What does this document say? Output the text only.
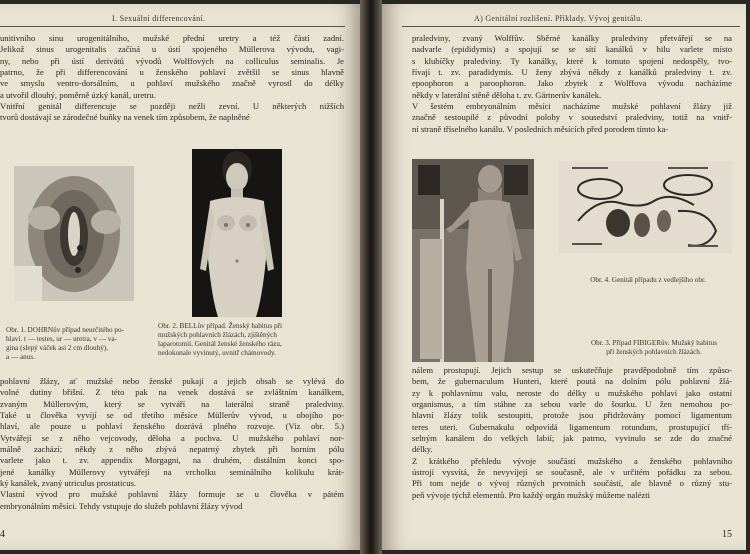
I. Sexuální differencování.
unitivního sinu urogenitálního, mužské přední uretry a též částí zadní.
Jelikož sinus urogenitalis začíná u ústí spojeného Müllerova vývodu, vagi-
ny, nebo při ústí derivátů vývodů Wolffových na colliculus seminalis. Je
patrno, že při differencování u ženského pohlaví zvětšil se sinus hlavně
ve smyslu ventro-dorsálním, u pohlaví mužského značně vyrostl do délky
a utvořil dlouhý, poměrně úzký kanál, uretru.
Vnitřní genitál differencuje se později nežli zevní. U některých nižších
tvorů dostávají se zárodečné buňky na venek tím způsobem, že naplněné
Obr. 1. DOHRNův případ neurčitého po-
hlaví. t — testes, ur — uretra, v — va-
gina (slepý váček asi 2 cm dlouhý),
a — anus.
Obr. 2. BELLův případ. Ženský habitus při
mužských pohlavních žlázách, zjištěných
laparotomií. Genitál ženské ženského rázu,
nedokonale vyvinutý, uvnitř chámovody.
pohlavní žlázy, ať mužské nebo ženské pukají a jejich obsah se vylévá do
volné dutiny břišní. Z této pak na venek dostává se zvláštním kanálkem,
zvaným Müllerovým, který se vytváří na laterální straně praledviny.
Také u člověka vyvíjí se od třetího měsíce Müllerův vývod, u obojího po-
hlaví, ale pouze u pohlaví ženského dozrává plného rozvoje. (Viz obr. 5.)
Vytvářejí se z něho vejcovody, děloha a pochva. U mužského pohlaví nor-
málně zachází; někdy z něho zbývá nepatrný zbytek při horním pólu
varlete jako t. zv. appendix Morgagni, na druhém, distálním konci spo-
jené kanálky Müllerovy vytvářejí na vrcholku seminálního kolikulu krát-
ký kanálek, zvaný utriculus prostaticus.
Vlastní vývod pro mužské pohlavní žlázy formuje se u člověka v pátém
embryonálním měsíci. Tehdy vstupuje do služeb pohlavní žlázy vývod
4
A) Genitální rozlišení. Příklady. Vývoj genitálu.
praledviny, zvaný Wolffův. Sběrné kanálky praledviny přetvářejí se na
nadvarle (epididymis) a spojují se se sítí kanálků v hilu varlete místo
s klubíčky praledviny. Ty kanálky, které k tomuto spojení nedospěly, tvo-
řívají t. zv. paradidymis. U ženy zbývá někdy z kanálků praledviny t. zv.
epoophoron a paroophoron. Jako zbytek z Wolffova vývodu nacházíme
někdy v laterální stěně děloha t. zv. Gärtnerův kanálek.
V šestém embryonálním měsíci nacházíme mužské pohlavní žlázy již
značně sestoupilé z původní polohy v sousedství praledviny, totiž na vnitř-
ní straně tříselného kanálu. V posledních měsících před porodem tímto ka-
Obr. 3. Případ FIBIGERův. Mužský habitus
při ženských pohlavních žlázách.
Obr. 4. Genitál případu z vedlejšího obr.
nálem prostupují. Jejich sestup se uskutečňuje pravděpodobně tím způso-
bem, že gubernaculum Hunteri, které poutá na dolním pólu pohlavní žlá-
zy k pohlavnímu valu, neroste do délky u mužského pohlaví jako ostatní
organismus, a tím stáhne za sebou varle do šourku. U žen nemohou po-
hlavní žlázy tolik sestoupiti, protože jsou přidržovány pomocí ligamentum
teres uteri. Gubernakulu odpovídá ligamentum rotundum, prostupující tří-
selným kanálem do velkých labií; jak patrno, vyvinulo se zde do značné
délky.
Z krátkého přehledu vývoje součástí mužského a ženského pohlavního
ústrojí vysvítá, že nevyvíjejí se současně, ale v určitém pořádku za sebou.
Při tom nejde o vývoj různých prvotních součástí, ale hlavně o různý stu-
peň vývoje týchž elementů. Pro každý orgán mužský můžeme nalézti
15
